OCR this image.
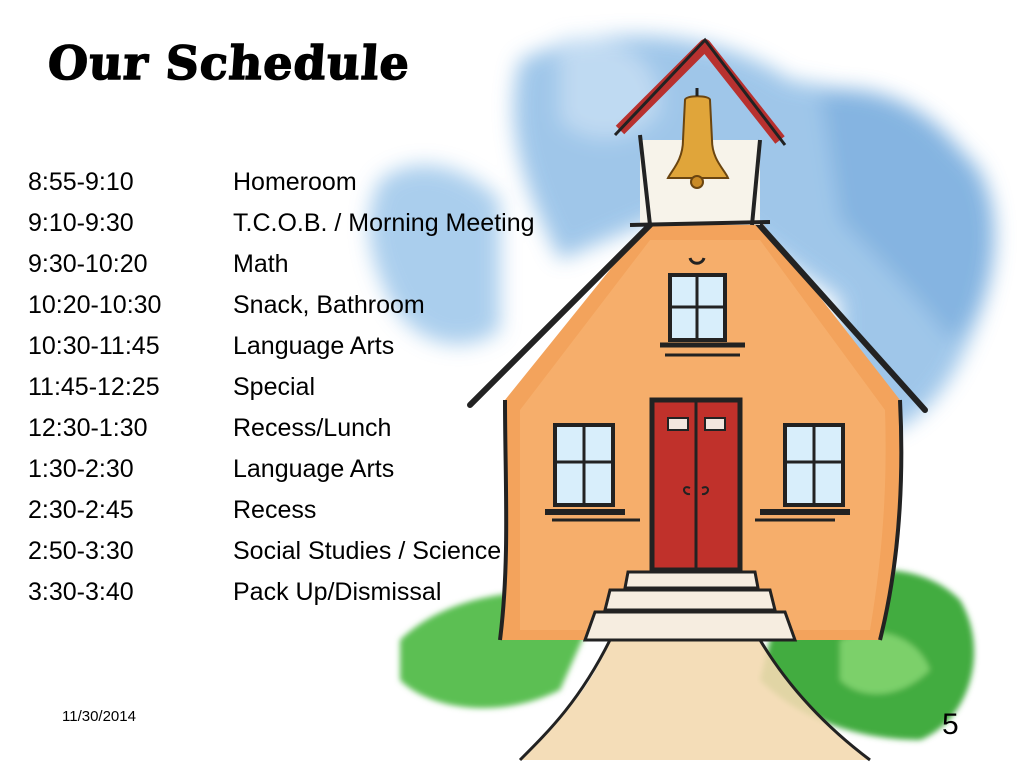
Our Schedule
8:55-9:10	Homeroom
9:10-9:30	T.C.O.B. / Morning Meeting
9:30-10:20	Math
10:20-10:30	Snack, Bathroom
10:30-11:45	Language Arts
11:45-12:25	Special
12:30-1:30	Recess/Lunch
1:30-2:30	Language Arts
2:30-2:45	Recess
2:50-3:30	Social Studies / Science
3:30-3:40	Pack Up/Dismissal
11/30/2014	5
